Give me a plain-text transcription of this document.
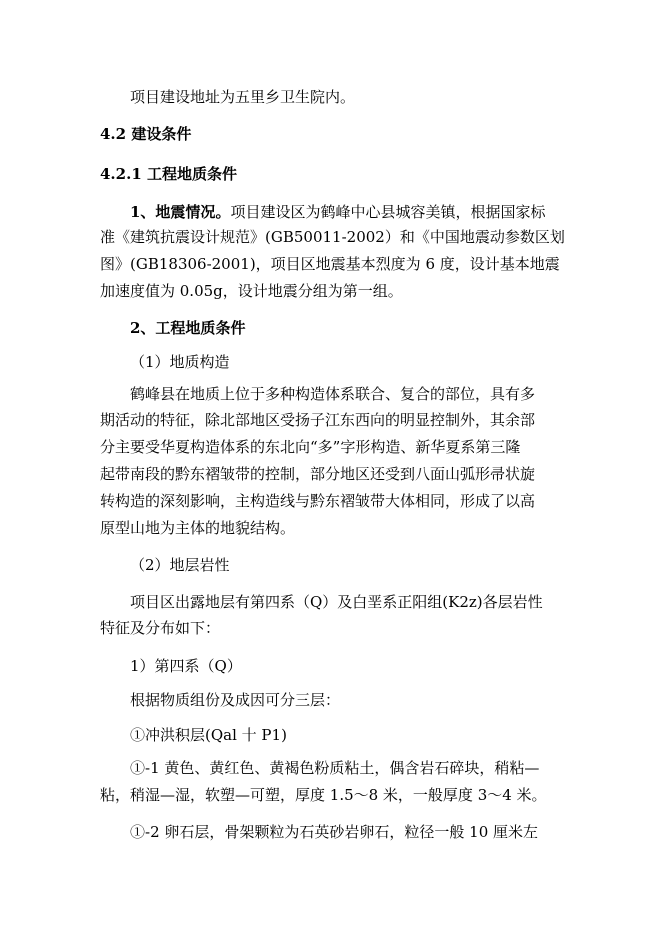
项目建设地址为五里乡卫生院内。
4.2 建设条件
4.2.1 工程地质条件
1、地震情况。项目建设区为鹤峰中心县城容美镇，根据国家标
准《建筑抗震设计规范》(GB50011-2002）和《中国地震动参数区划
图》(GB18306-2001)，项目区地震基本烈度为 6 度，设计基本地震
加速度值为 0.05g，设计地震分组为第一组。
2、工程地质条件
（1）地质构造
鹤峰县在地质上位于多种构造体系联合、复合的部位，具有多
期活动的特征，除北部地区受扬子江东西向的明显控制外，其余部
分主要受华夏构造体系的东北向“多”字形构造、新华夏系第三隆
起带南段的黔东褶皱带的控制，部分地区还受到八面山弧形帚状旋
转构造的深刻影响，主构造线与黔东褶皱带大体相同，形成了以高
原型山地为主体的地貌结构。
（2）地层岩性
项目区出露地层有第四系（Q）及白垩系正阳组(K2z)各层岩性
特征及分布如下：
1）第四系（Q）
根据物质组份及成因可分三层：
①冲洪积层(Qal 十 P1)
①-1 黄色、黄红色、黄褐色粉质粘土，偶含岩石碎块，稍粘—
粘，稍湿—湿，软塑—可塑，厚度 1.5～8 米，一般厚度 3～4 米。
①-2 卵石层，骨架颗粒为石英砂岩卵石，粒径一般 10 厘米左
